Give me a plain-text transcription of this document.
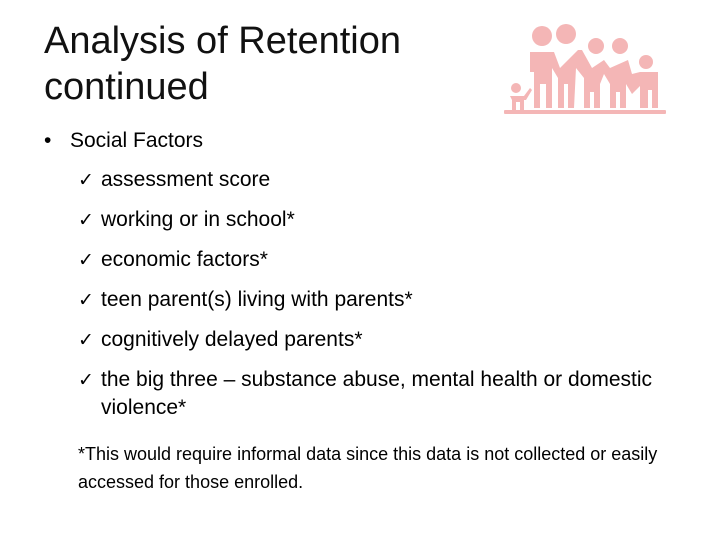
Analysis of Retention continued
• Social Factors
✓ assessment score
✓ working or in school*
✓ economic factors*
✓ teen parent(s) living with parents*
✓ cognitively delayed parents*
✓ the big three – substance abuse, mental health or domestic violence*

*This would require informal data since this data is not collected or easily accessed for those enrolled.
